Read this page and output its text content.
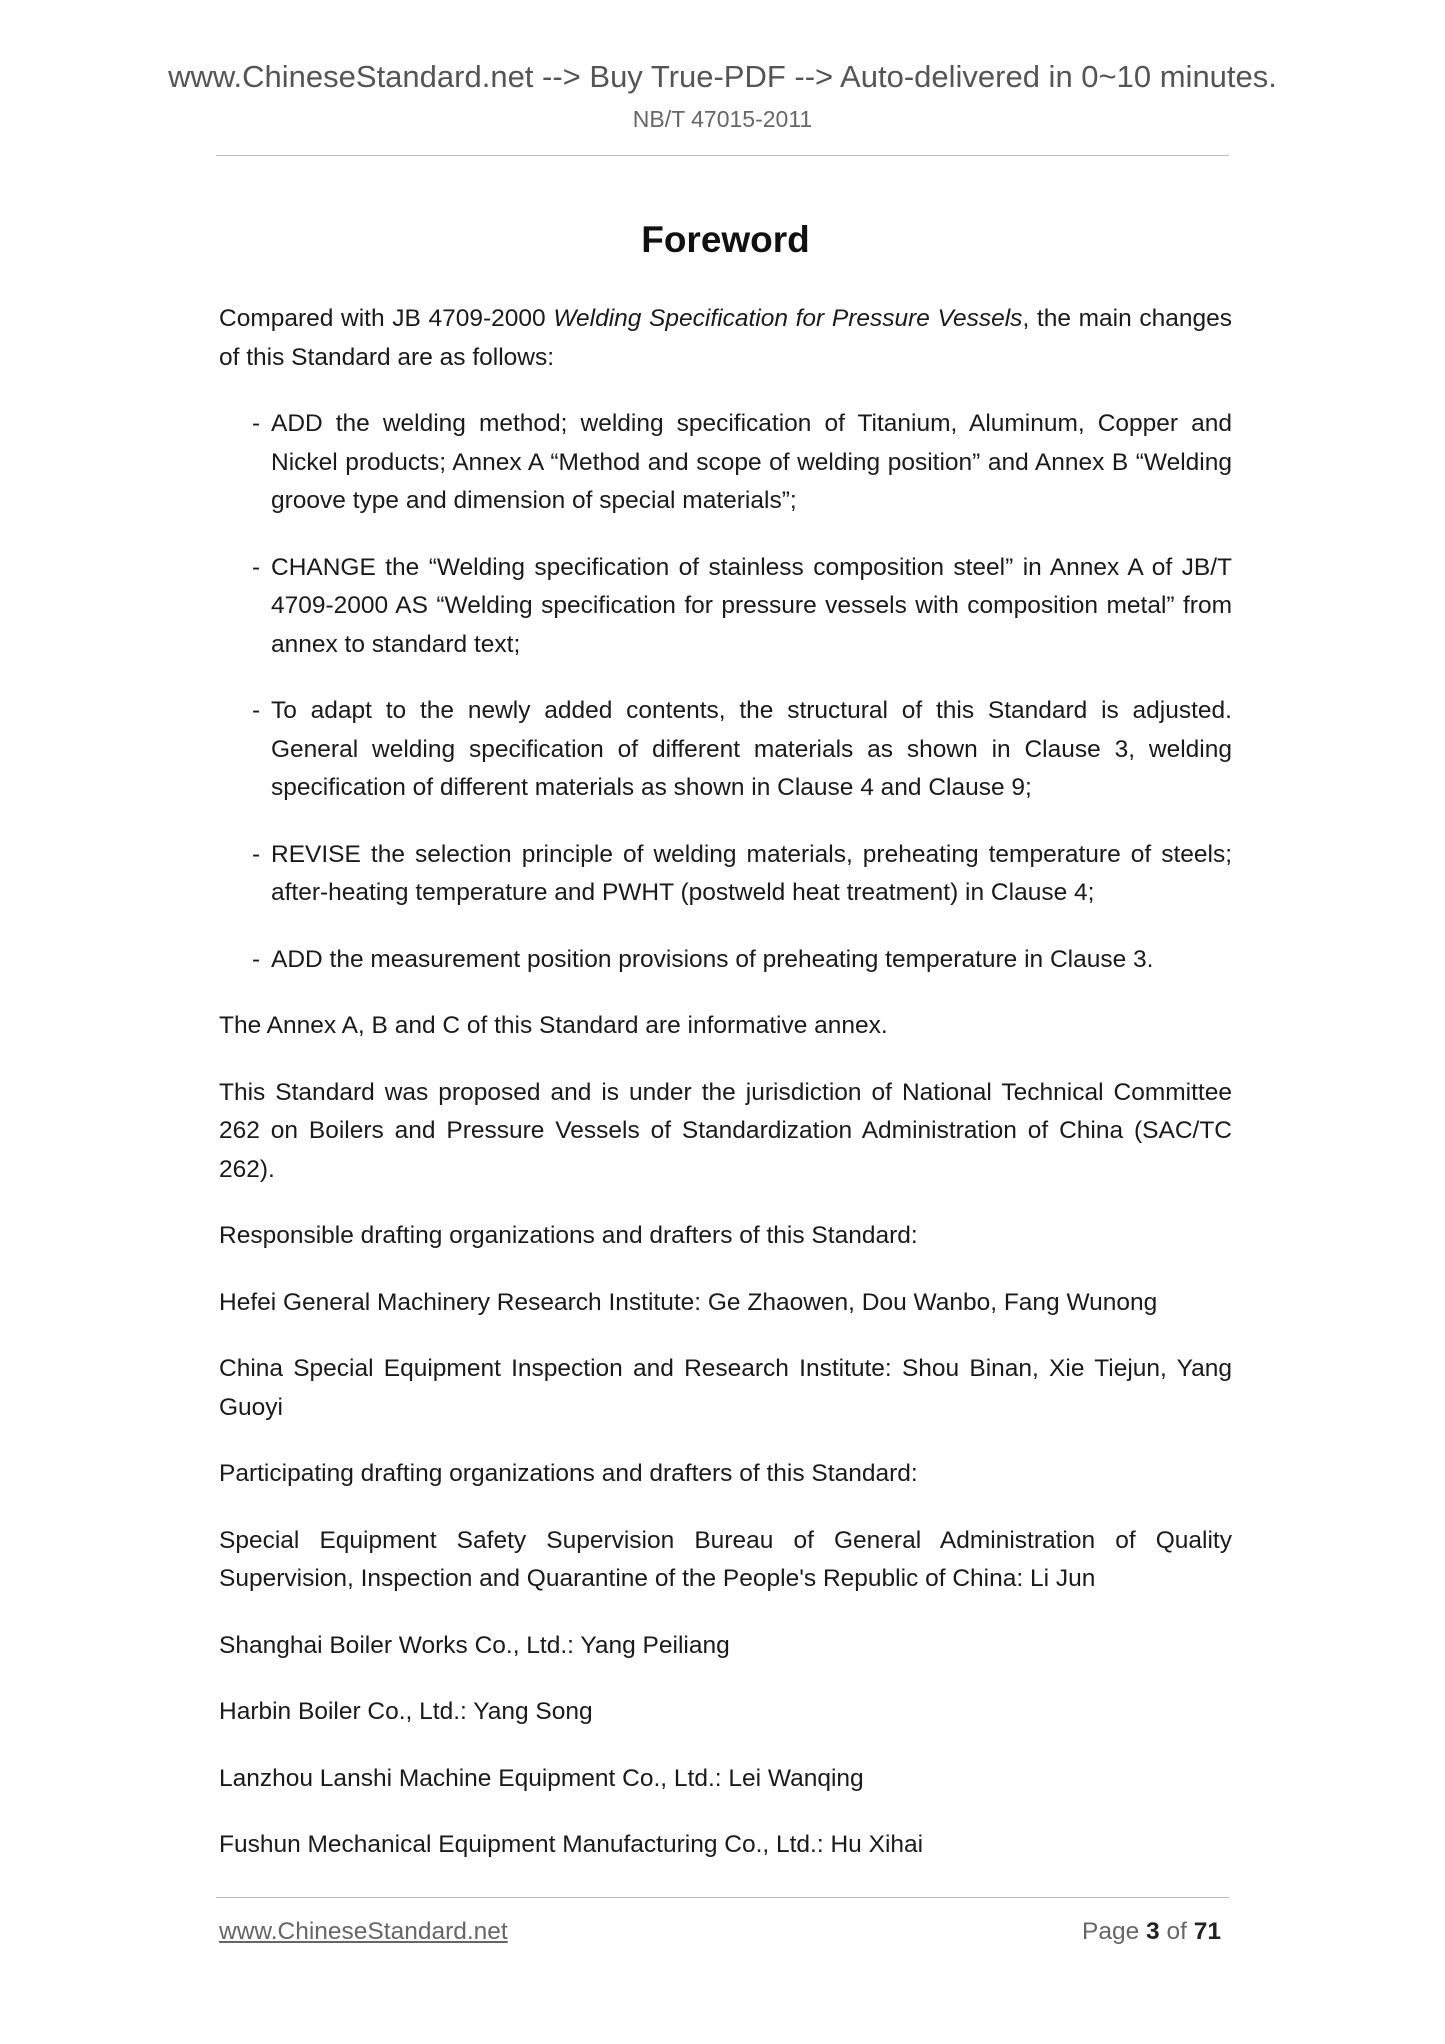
www.ChineseStandard.net --> Buy True-PDF --> Auto-delivered in 0~10 minutes.
NB/T 47015-2011
Foreword

Compared with JB 4709-2000 Welding Specification for Pressure Vessels, the main changes of this Standard are as follows:

- ADD the welding method; welding specification of Titanium, Aluminum, Copper and Nickel products; Annex A “Method and scope of welding position” and Annex B “Welding groove type and dimension of special materials”;
- CHANGE the “Welding specification of stainless composition steel” in Annex A of JB/T 4709-2000 AS “Welding specification for pressure vessels with composition metal” from annex to standard text;
- To adapt to the newly added contents, the structural of this Standard is adjusted. General welding specification of different materials as shown in Clause 3, welding specification of different materials as shown in Clause 4 and Clause 9;
- REVISE the selection principle of welding materials, preheating temperature of steels; after-heating temperature and PWHT (postweld heat treatment) in Clause 4;
- ADD the measurement position provisions of preheating temperature in Clause 3.

The Annex A, B and C of this Standard are informative annex.

This Standard was proposed and is under the jurisdiction of National Technical Committee 262 on Boilers and Pressure Vessels of Standardization Administration of China (SAC/TC 262).

Responsible drafting organizations and drafters of this Standard:

Hefei General Machinery Research Institute: Ge Zhaowen, Dou Wanbo, Fang Wunong

China Special Equipment Inspection and Research Institute: Shou Binan, Xie Tiejun, Yang Guoyi

Participating drafting organizations and drafters of this Standard:

Special Equipment Safety Supervision Bureau of General Administration of Quality Supervision, Inspection and Quarantine of the People's Republic of China: Li Jun

Shanghai Boiler Works Co., Ltd.: Yang Peiliang

Harbin Boiler Co., Ltd.: Yang Song

Lanzhou Lanshi Machine Equipment Co., Ltd.: Lei Wanqing

Fushun Mechanical Equipment Manufacturing Co., Ltd.: Hu Xihai

www.ChineseStandard.net	Page 3 of 71
